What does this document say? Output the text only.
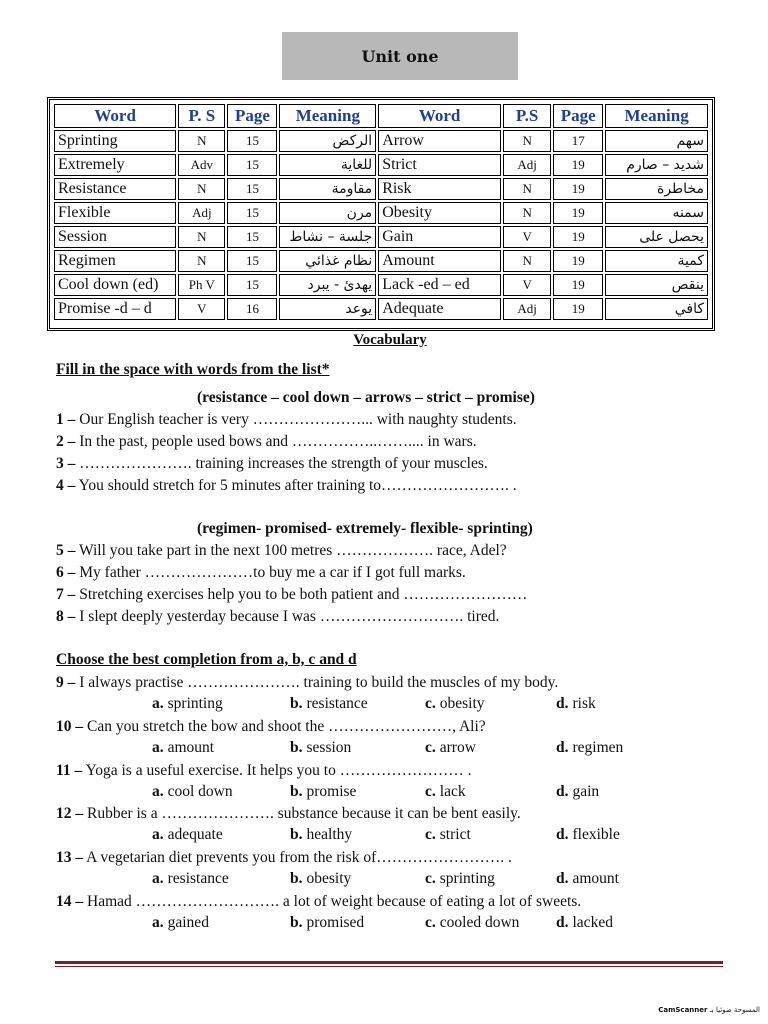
Unit one
Word	P. S	Page	Meaning	Word	P.S	Page	Meaning
Sprinting	N	15	الركض	Arrow	N	17	سهم
Extremely	Adv	15	للغاية	Strict	Adj	19	شديد – صارم
Resistance	N	15	مقاومة	Risk	N	19	مخاطرة
Flexible	Adj	15	مرن	Obesity	N	19	سمنه
Session	N	15	جلسة – نشاط	Gain	V	19	يحصل على
Regimen	N	15	نظام غذائي	Amount	N	19	كمية
Cool down (ed)	Ph V	15	يهدئ - يبرد	Lack -ed – ed	V	19	ينقص
Promise -d – d	V	16	يوعد	Adequate	Adj	19	كافي
Vocabulary
Fill in the space with words from the list*
(resistance – cool down – arrows – strict – promise)
1 – Our English teacher is very …………………... with naughty students.
2 – In the past, people used bows and ……………..…….... in wars.
3 – …………………. training increases the strength of your muscles.
4 – You should stretch for 5 minutes after training to……………………. .
(regimen- promised- extremely- flexible- sprinting)
5 – Will you take part in the next 100 metres ………………. race, Adel?
6 – My father …………………to buy me a car if I got full marks.
7 – Stretching exercises help you to be both patient and ……………………
8 – I slept deeply yesterday because I was ………………………. tired.
Choose the best completion from a, b, c and d
9 – I always practise …………………. training to build the muscles of my body.
a. sprinting	b. resistance	c. obesity	d. risk
10 – Can you stretch the bow and shoot the ……………………, Ali?
a. amount	b. session	c. arrow	d. regimen
11 – Yoga is a useful exercise. It helps you to …………………… .
a. cool down	b. promise	c. lack	d. gain
12 – Rubber is a …………………. substance because it can be bent easily.
a. adequate	b. healthy	c. strict	d. flexible
13 – A vegetarian diet prevents you from the risk of……………………. .
a. resistance	b. obesity	c. sprinting	d. amount
14 – Hamad ………………………. a lot of weight because of eating a lot of sweets.
a. gained	b. promised	c. cooled down d. lacked
المسوحة ضوئيا بـ CamScanner
